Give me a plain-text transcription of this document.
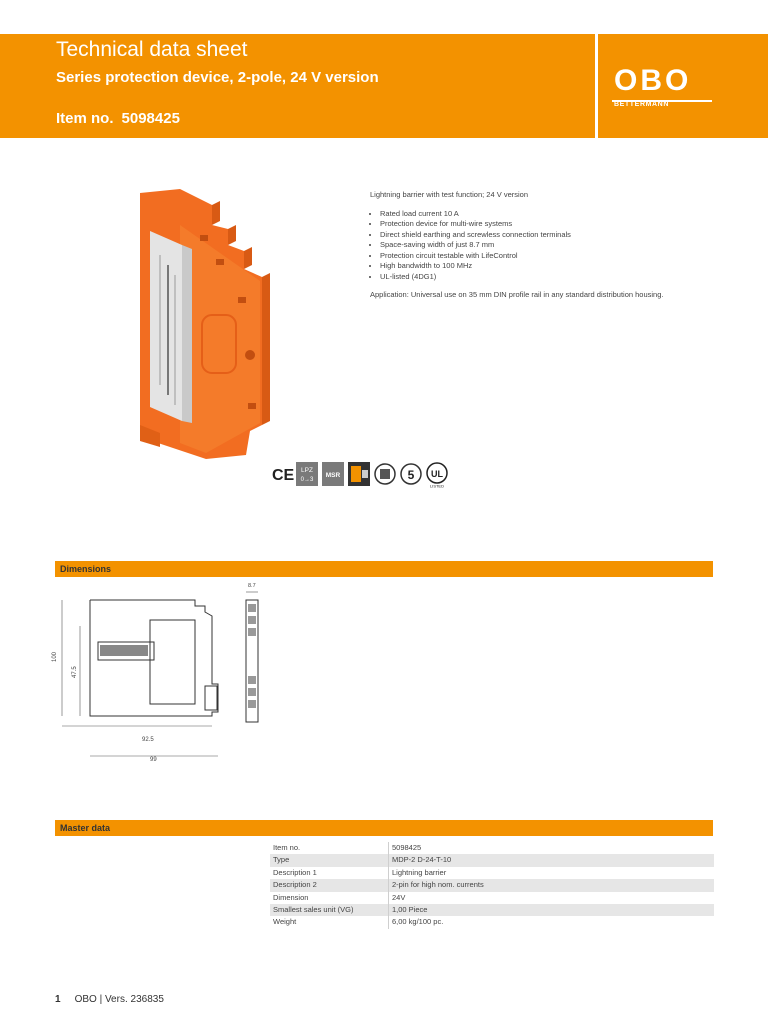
Technical data sheet
Series protection device, 2-pole, 24 V version
Item no. 5098425
OBO
BETTERMANN
Lightning barrier with test function; 24 V version
• Rated load current 10 A
• Protection device for multi-wire systems
• Direct shield earthing and screwless connection terminals
• Space-saving width of just 8.7 mm
• Protection circuit testable with LifeControl
• High bandwidth to 100 MHz
• UL-listed (4DG1)
Application: Universal use on 35 mm DIN profile rail in any standard distribution housing.
CE LPZ
0→3
MSR	5 UL
LISTED
Dimensions
100
47.5
92.5
99
8.7
Master data
Item no.	5098425
Type	MDP-2 D-24-T-10
Description 1	Lightning barrier
Description 2	2-pin for high nom. currents
Dimension	24V
Smallest sales unit (VG)	1,00 Piece
Weight	6,00 kg/100 pc.
1 OBO | Vers. 236835
